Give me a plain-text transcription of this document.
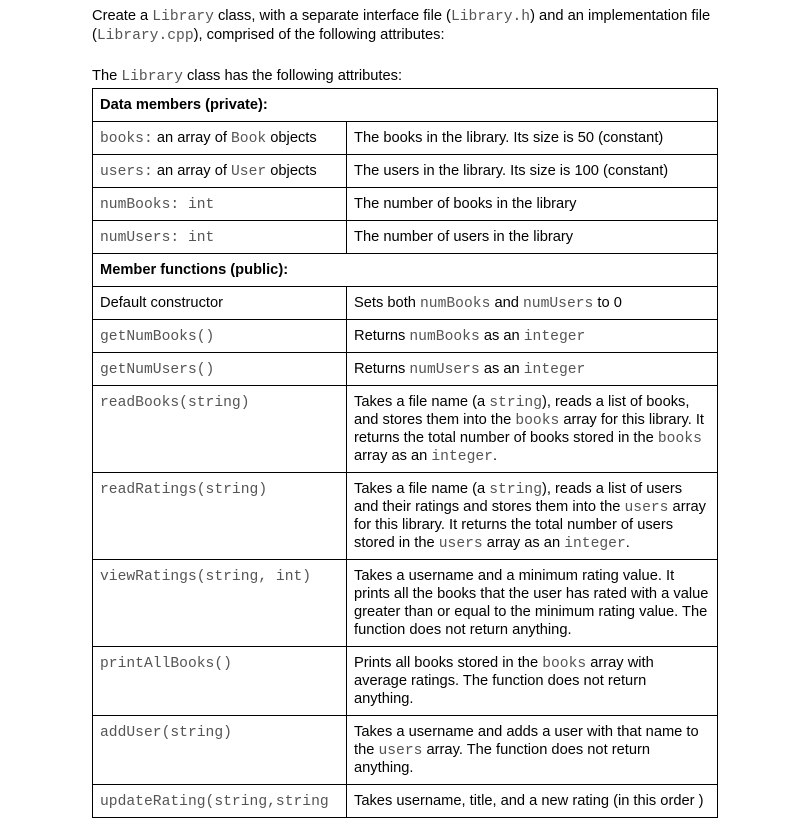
Create a Library class, with a separate interface file (Library.h) and an implementation file
(Library.cpp), comprised of the following attributes:
The Library class has the following attributes:
Data members (private):
books: an array of Book objects	The books in the library. Its size is 50 (constant)
users: an array of User objects	The users in the library. Its size is 100 (constant)
numBooks: int	The number of books in the library
numUsers: int	The number of users in the library
Member functions (public):
Default constructor	Sets both numBooks and numUsers to 0
getNumBooks()	Returns numBooks as an integer
getNumUsers()	Returns numUsers as an integer
readBooks(string)	Takes a file name (a string), reads a list of books,
and stores them into the books array for this library. It
returns the total number of books stored in the books
array as an integer.
readRatings(string)	Takes a file name (a string), reads a list of users
and their ratings and stores them into the users array
for this library. It returns the total number of users
stored in the users array as an integer.
viewRatings(string, int)	Takes a username and a minimum rating value. It
prints all the books that the user has rated with a value
greater than or equal to the minimum rating value. The
function does not return anything.
printAllBooks()	Prints all books stored in the books array with
average ratings. The function does not return
anything.
addUser(string)	Takes a username and adds a user with that name to
the users array. The function does not return
anything.
updateRating(string,string	Takes username, title, and a new rating (in this order )
